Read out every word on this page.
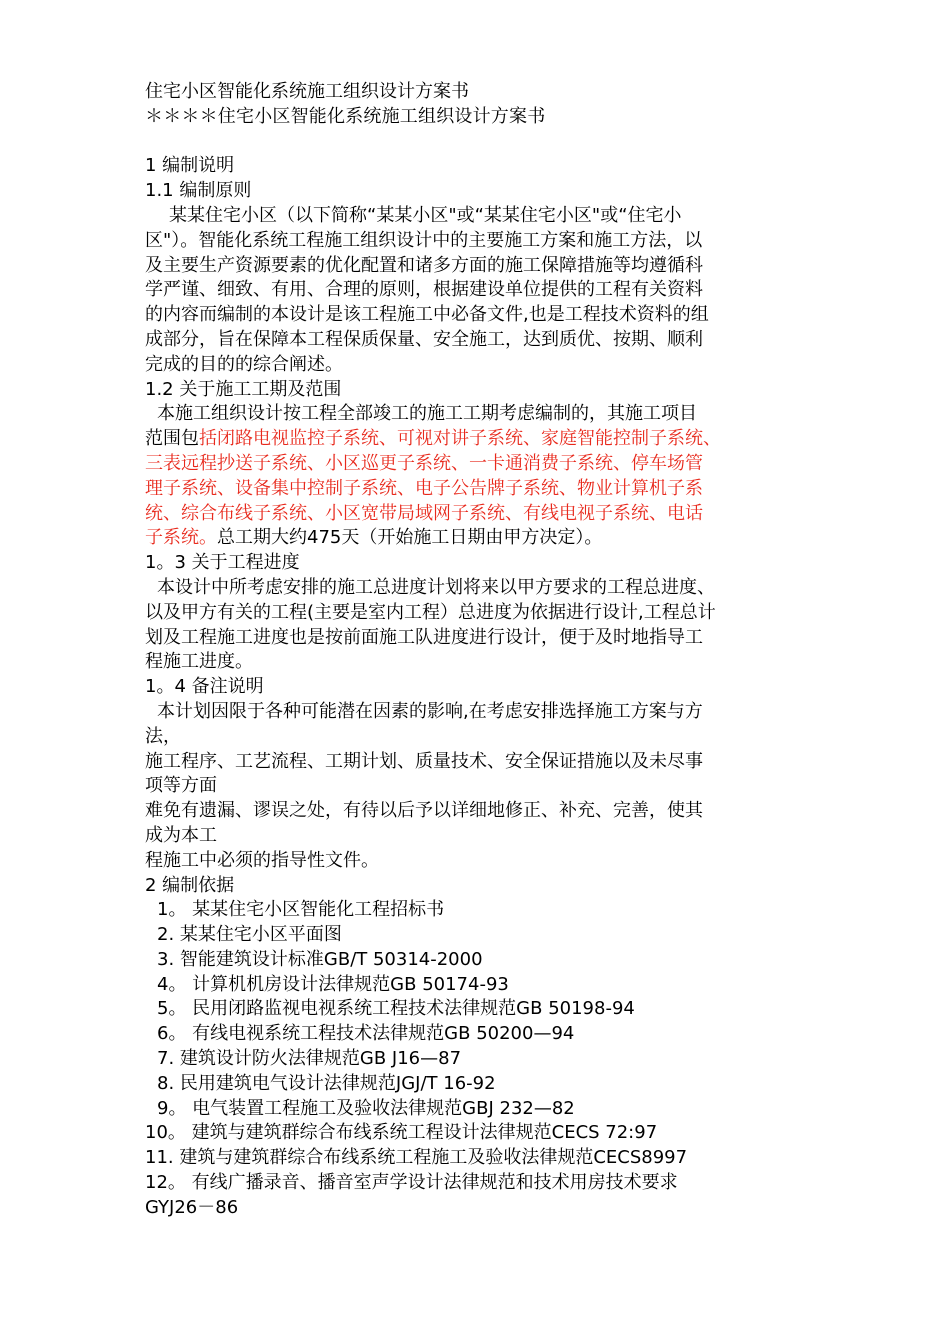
住宅小区智能化系统施工组织设计方案书
＊＊＊＊住宅小区智能化系统施工组织设计方案书
1 编制说明
1.1 编制原则
某某住宅小区（以下简称“某某小区"或“某某住宅小区"或“住宅小
区"）。智能化系统工程施工组织设计中的主要施工方案和施工方法，以
及主要生产资源要素的优化配置和诸多方面的施工保障措施等均遵循科
学严谨、细致、有用、合理的原则，根据建设单位提供的工程有关资料
的内容而编制的本设计是该工程施工中必备文件,也是工程技术资料的组
成部分，旨在保障本工程保质保量、安全施工，达到质优、按期、顺利
完成的目的的综合阐述。
1.2 关于施工工期及范围
本施工组织设计按工程全部竣工的施工工期考虑编制的，其施工项目
范围包括闭路电视监控子系统、可视对讲子系统、家庭智能控制子系统、
三表远程抄送子系统、小区巡更子系统、一卡通消费子系统、停车场管
理子系统、设备集中控制子系统、电子公告牌子系统、物业计算机子系
统、综合布线子系统、小区宽带局域网子系统、有线电视子系统、电话
子系统。总工期大约475天（开始施工日期由甲方决定）。
1。3 关于工程进度
本设计中所考虑安排的施工总进度计划将来以甲方要求的工程总进度、
以及甲方有关的工程(主要是室内工程）总进度为依据进行设计,工程总计
划及工程施工进度也是按前面施工队进度进行设计，便于及时地指导工
程施工进度。
1。4 备注说明
本计划因限于各种可能潜在因素的影响,在考虑安排选择施工方案与方
法，
施工程序、工艺流程、工期计划、质量技术、安全保证措施以及未尽事
项等方面
难免有遗漏、谬误之处，有待以后予以详细地修正、补充、完善，使其
成为本工
程施工中必须的指导性文件。
2 编制依据
1。 某某住宅小区智能化工程招标书
2. 某某住宅小区平面图
3. 智能建筑设计标准GB/T 50314-2000
4。 计算机机房设计法律规范GB 50174-93
5。 民用闭路监视电视系统工程技术法律规范GB 50198-94
6。 有线电视系统工程技术法律规范GB 50200—94
7. 建筑设计防火法律规范GB J16—87
8. 民用建筑电气设计法律规范JGJ/T 16-92
9。 电气装置工程施工及验收法律规范GBJ 232—82
10。 建筑与建筑群综合布线系统工程设计法律规范CECS 72:97
11. 建筑与建筑群综合布线系统工程施工及验收法律规范CECS8997
12。 有线广播录音、播音室声学设计法律规范和技术用房技术要求
GYJ26－86
